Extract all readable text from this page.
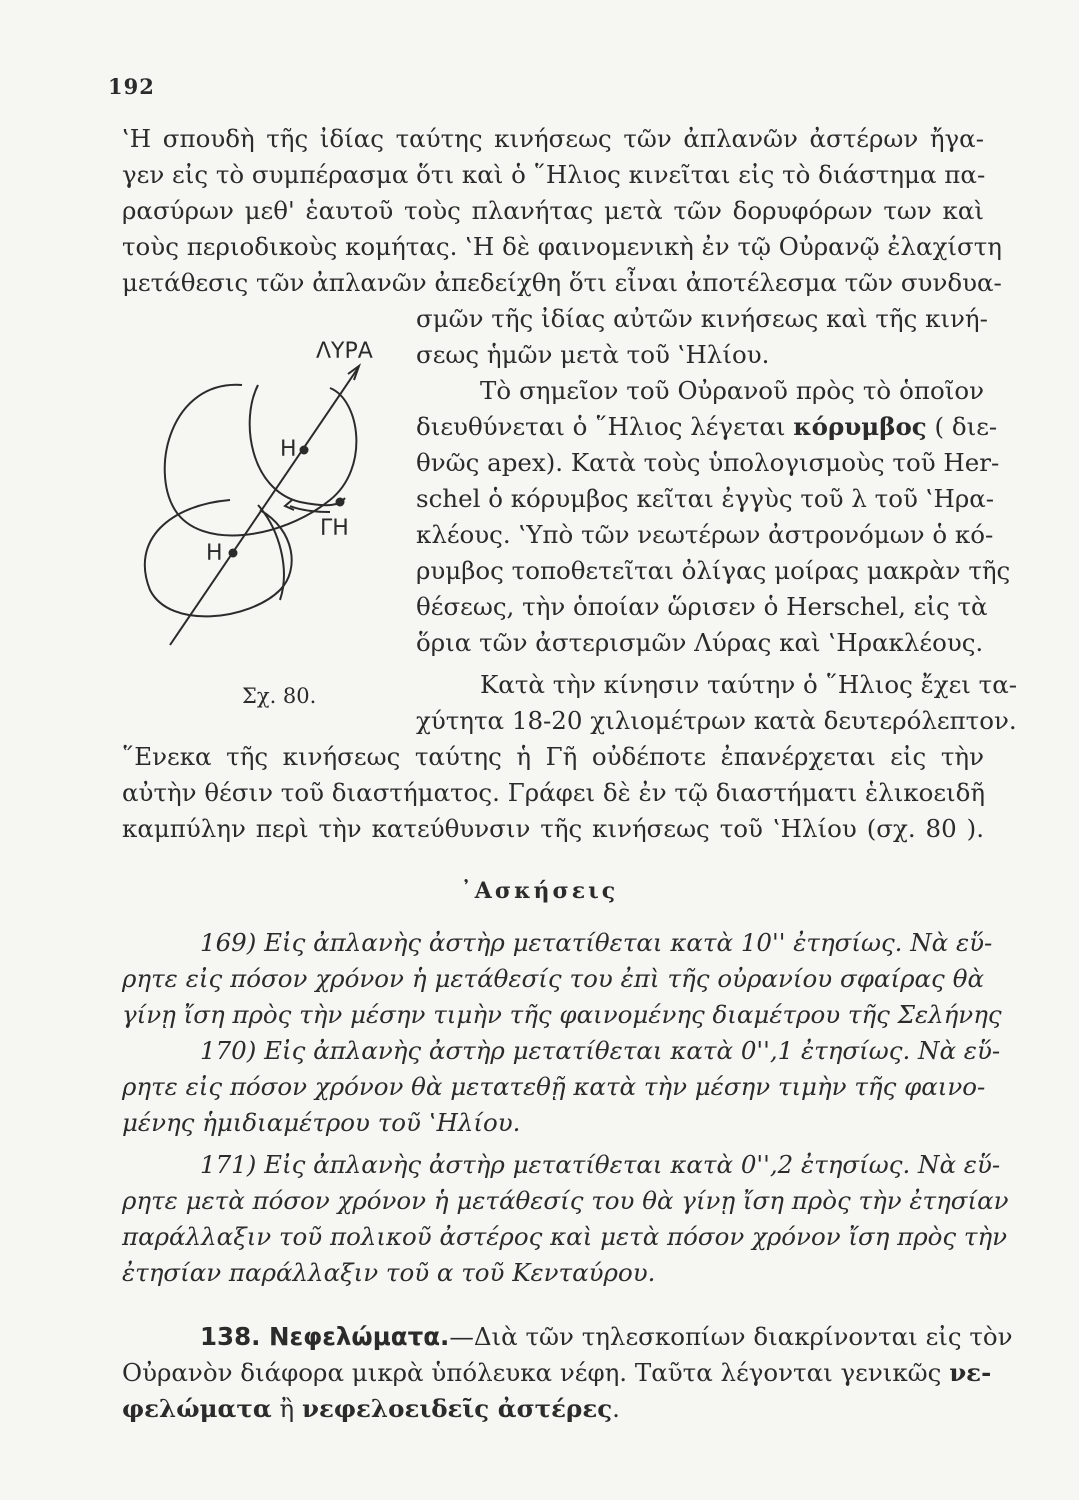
192
‛Η σπουδὴ τῆς ἰδίας ταύτης κινήσεως τῶν ἀπλανῶν ἀστέρων ἤγα-
γεν εἰς τὸ συμπέρασμα ὅτι καὶ ὁ ῞Ηλιος κινεῖται εἰς τὸ διάστημα πα-
ρασύρων μεθ' ἑαυτοῦ τοὺς πλανήτας μετὰ τῶν δορυφόρων των καὶ
τοὺς περιοδικοὺς κομήτας. ‛Η δὲ φαινομενικὴ ἐν τῷ Οὐρανῷ ἐλαχίστη
μετάθεσις τῶν ἀπλανῶν ἀπεδείχθη ὅτι εἶναι ἀποτέλεσμα τῶν συνδυα-
σμῶν τῆς ἰδίας αὐτῶν κινήσεως καὶ τῆς κινή-
σεως ἡμῶν μετὰ τοῦ ‛Ηλίου.
Τὸ σημεῖον τοῦ Οὐρανοῦ πρὸς τὸ ὁποῖον
διευθύνεται ὁ ῞Ηλιος λέγεται κόρυμβος ( διε-
θνῶς apex). Κατὰ τοὺς ὑπολογισμοὺς τοῦ Her-
schel ὁ κόρυμβος κεῖται ἐγγὺς τοῦ λ τοῦ ‛Ηρα-
κλέους. ‛Υπὸ τῶν νεωτέρων ἀστρονόμων ὁ κό-
ρυμβος τοποθετεῖται ὀλίγας μοίρας μακρὰν τῆς
θέσεως, τὴν ὁποίαν ὥρισεν ὁ Herschel, εἰς τὰ
ὅρια τῶν ἀστερισμῶν Λύρας καὶ ‛Ηρακλέους.
Κατὰ τὴν κίνησιν ταύτην ὁ ῞Ηλιος ἔχει τα-
χύτητα 18-20 χιλιομέτρων κατὰ δευτερόλεπτον.
῞Ενεκα τῆς κινήσεως ταύτης ἡ Γῆ οὐδέποτε ἐπανέρχεται εἰς τὴν
αὐτὴν θέσιν τοῦ διαστήματος. Γράφει δὲ ἐν τῷ διαστήματι ἑλικοειδῆ
καμπύλην περὶ τὴν κατεύθυνσιν τῆς κινήσεως τοῦ ‛Ηλίου (σχ. 80 ).
ΛΥΡΑ
Η
Η
ΓΗ
Σχ. 80.
᾿Ασκήσεις
169) Εἰς ἀπλανὴς ἀστὴρ μετατίθεται κατὰ 10'' ἐτησίως. Νὰ εὕ-
ρητε εἰς πόσον χρόνον ἡ μετάθεσίς του ἐπὶ τῆς οὐρανίου σφαίρας θὰ
γίνῃ ἴση πρὸς τὴν μέσην τιμὴν τῆς φαινομένης διαμέτρου τῆς Σελήνης
170) Εἰς ἀπλανὴς ἀστὴρ μετατίθεται κατὰ 0'',1 ἐτησίως. Νὰ εὕ-
ρητε εἰς πόσον χρόνον θὰ μετατεθῇ κατὰ τὴν μέσην τιμὴν τῆς φαινο-
μένης ἡμιδιαμέτρου τοῦ ‛Ηλίου.
171) Εἰς ἀπλανὴς ἀστὴρ μετατίθεται κατὰ 0'',2 ἐτησίως. Νὰ εὕ-
ρητε μετὰ πόσον χρόνον ἡ μετάθεσίς του θὰ γίνῃ ἴση πρὸς τὴν ἐτησίαν
παράλλαξιν τοῦ πολικοῦ ἀστέρος καὶ μετὰ πόσον χρόνον ἴση πρὸς τὴν
ἐτησίαν παράλλαξιν τοῦ α τοῦ Κενταύρου.
138. Νεφελώματα.—Διὰ τῶν τηλεσκοπίων διακρίνονται εἰς τὸν
Οὐρανὸν διάφορα μικρὰ ὑπόλευκα νέφη. Ταῦτα λέγονται γενικῶς νε-
φελώματα ἢ νεφελοειδεῖς ἀστέρες.
